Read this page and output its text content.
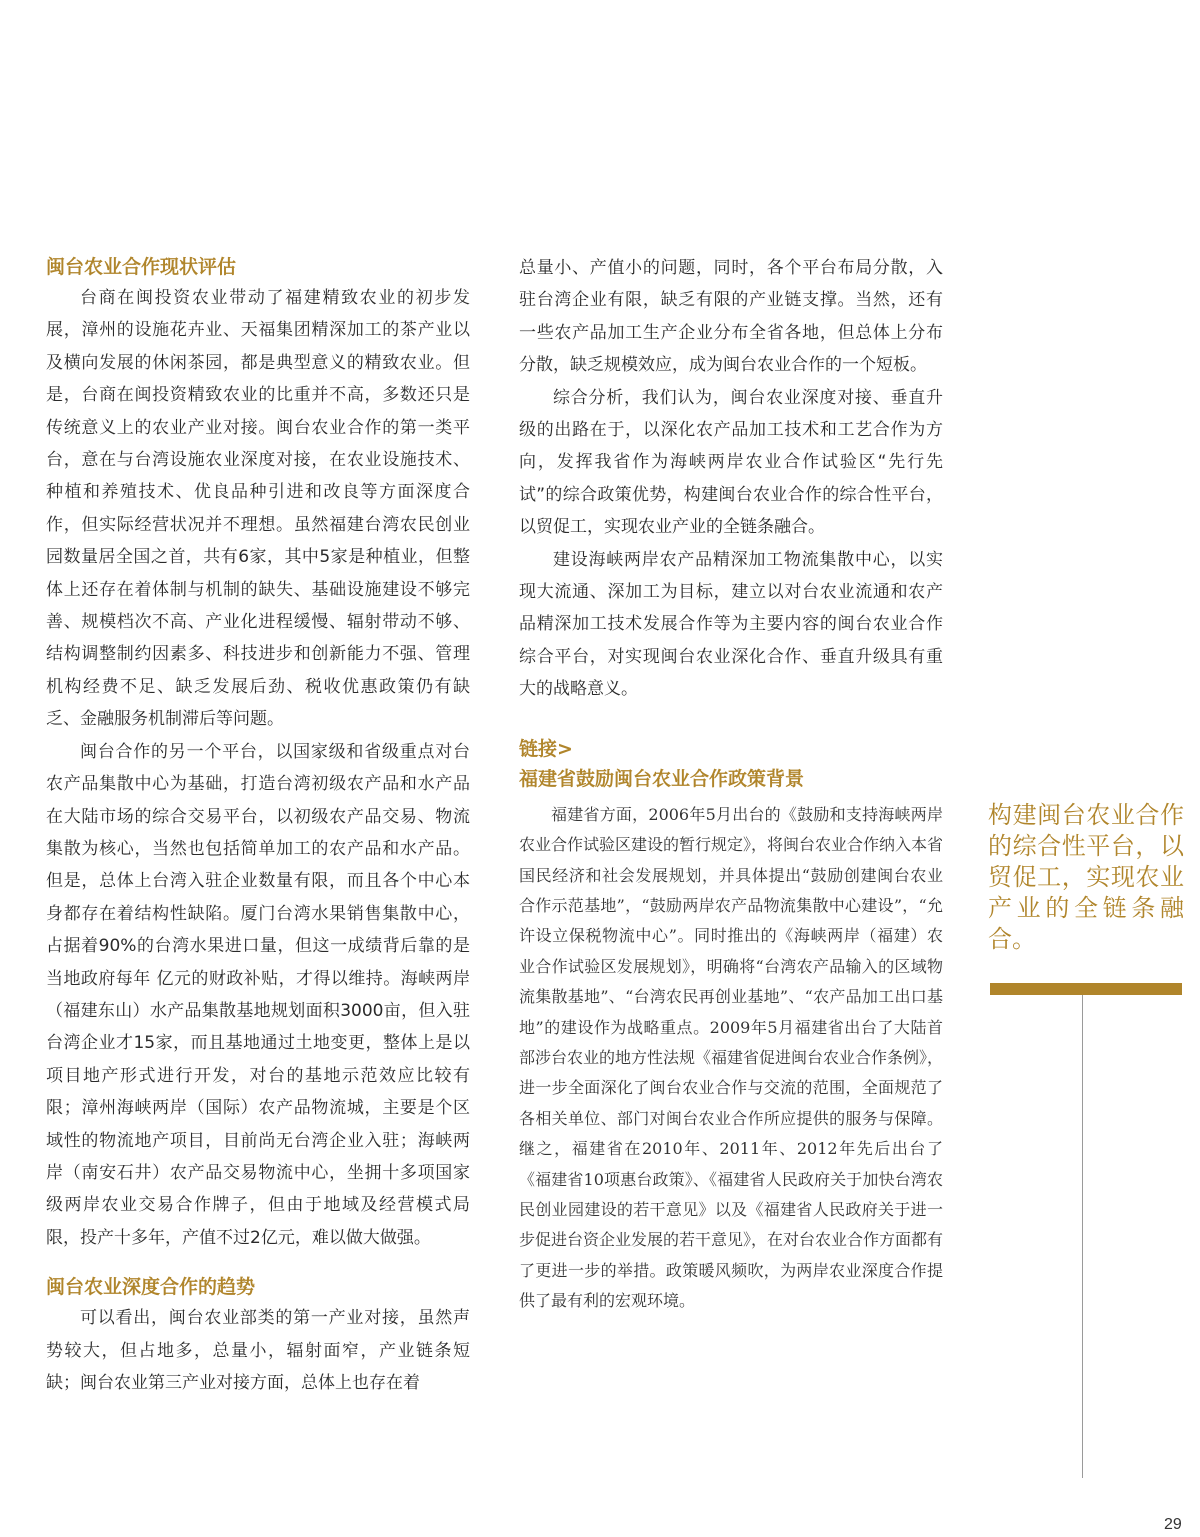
闽台农业合作现状评估

台商在闽投资农业带动了福建精致农业的初步发展，漳州的设施花卉业、天福集团精深加工的茶产业以及横向发展的休闲茶园，都是典型意义的精致农业。但是，台商在闽投资精致农业的比重并不高，多数还只是传统意义上的农业产业对接。闽台农业合作的第一类平台，意在与台湾设施农业深度对接，在农业设施技术、种植和养殖技术、优良品种引进和改良等方面深度合作，但实际经营状况并不理想。虽然福建台湾农民创业园数量居全国之首，共有6家，其中5家是种植业，但整体上还存在着体制与机制的缺失、基础设施建设不够完善、规模档次不高、产业化进程缓慢、辐射带动不够、结构调整制约因素多、科技进步和创新能力不强、管理机构经费不足、缺乏发展后劲、税收优惠政策仍有缺乏、金融服务机制滞后等问题。

闽台合作的另一个平台，以国家级和省级重点对台农产品集散中心为基础，打造台湾初级农产品和水产品在大陆市场的综合交易平台，以初级农产品交易、物流集散为核心，当然也包括简单加工的农产品和水产品。但是，总体上台湾入驻企业数量有限，而且各个中心本身都存在着结构性缺陷。厦门台湾水果销售集散中心，占据着90%的台湾水果进口量，但这一成绩背后靠的是当地政府每年 亿元的财政补贴，才得以维持。海峡两岸（福建东山）水产品集散基地规划面积3000亩，但入驻台湾企业才15家，而且基地通过土地变更，整体上是以项目地产形式进行开发，对台的基地示范效应比较有限；漳州海峡两岸（国际）农产品物流城，主要是个区域性的物流地产项目，目前尚无台湾企业入驻；海峡两岸（南安石井）农产品交易物流中心，坐拥十多项国家级两岸农业交易合作牌子，但由于地域及经营模式局限，投产十多年，产值不过2亿元，难以做大做强。

闽台农业深度合作的趋势

可以看出，闽台农业部类的第一产业对接，虽然声势较大，但占地多，总量小，辐射面窄，产业链条短缺；闽台农业第三产业对接方面，总体上也存在着

总量小、产值小的问题，同时，各个平台布局分散，入驻台湾企业有限，缺乏有限的产业链支撑。当然，还有一些农产品加工生产企业分布全省各地，但总体上分布分散，缺乏规模效应，成为闽台农业合作的一个短板。

综合分析，我们认为，闽台农业深度对接、垂直升级的出路在于，以深化农产品加工技术和工艺合作为方向，发挥我省作为海峡两岸农业合作试验区“先行先试”的综合政策优势，构建闽台农业合作的综合性平台，以贸促工，实现农业产业的全链条融合。

建设海峡两岸农产品精深加工物流集散中心，以实现大流通、深加工为目标，建立以对台农业流通和农产品精深加工技术发展合作等为主要内容的闽台农业合作综合平台，对实现闽台农业深化合作、垂直升级具有重大的战略意义。

链接>
福建省鼓励闽台农业合作政策背景

福建省方面，2006年5月出台的《鼓励和支持海峡两岸农业合作试验区建设的暂行规定》，将闽台农业合作纳入本省国民经济和社会发展规划，并具体提出“鼓励创建闽台农业合作示范基地”，“鼓励两岸农产品物流集散中心建设”，“允许设立保税物流中心”。同时推出的《海峡两岸（福建）农业合作试验区发展规划》，明确将“台湾农产品输入的区域物流集散基地”、“台湾农民再创业基地”、“农产品加工出口基地”的建设作为战略重点。2009年5月福建省出台了大陆首部涉台农业的地方性法规《福建省促进闽台农业合作条例》，进一步全面深化了闽台农业合作与交流的范围，全面规范了各相关单位、部门对闽台农业合作所应提供的服务与保障。继之，福建省在2010年、2011年、2012年先后出台了《福建省10项惠台政策》、《福建省人民政府关于加快台湾农民创业园建设的若干意见》以及《福建省人民政府关于进一步促进台资企业发展的若干意见》，在对台农业合作方面都有了更进一步的举措。政策暖风频吹，为两岸农业深度合作提供了最有利的宏观环境。

构建闽台农业合作的综合性平台，以贸促工，实现农业产业的全链条融合。

29
